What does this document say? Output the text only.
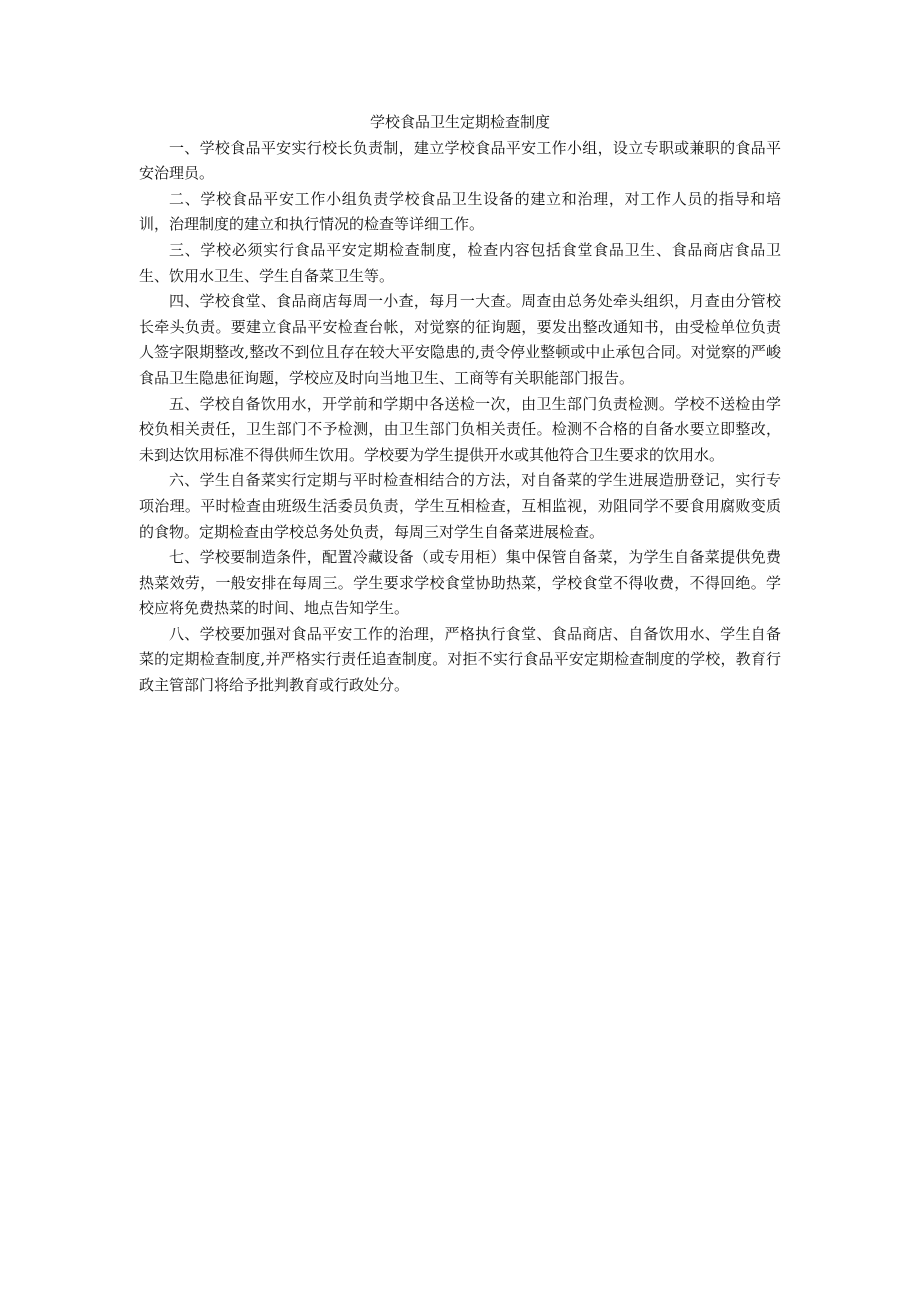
学校食品卫生定期检查制度

一、学校食品平安实行校长负责制，建立学校食品平安工作小组，设立专职或兼职的食品平安治理员。

二、学校食品平安工作小组负责学校食品卫生设备的建立和治理，对工作人员的指导和培训，治理制度的建立和执行情况的检查等详细工作。

三、学校必须实行食品平安定期检查制度，检查内容包括食堂食品卫生、食品商店食品卫生、饮用水卫生、学生自备菜卫生等。

四、学校食堂、食品商店每周一小查，每月一大查。周查由总务处牵头组织，月查由分管校长牵头负责。要建立食品平安检查台帐，对觉察的征询题，要发出整改通知书，由受检单位负责人签字限期整改,整改不到位且存在较大平安隐患的,责令停业整顿或中止承包合同。对觉察的严峻食品卫生隐患征询题，学校应及时向当地卫生、工商等有关职能部门报告。

五、学校自备饮用水，开学前和学期中各送检一次，由卫生部门负责检测。学校不送检由学校负相关责任，卫生部门不予检测，由卫生部门负相关责任。检测不合格的自备水要立即整改，未到达饮用标准不得供师生饮用。学校要为学生提供开水或其他符合卫生要求的饮用水。

六、学生自备菜实行定期与平时检查相结合的方法，对自备菜的学生进展造册登记，实行专项治理。平时检查由班级生活委员负责，学生互相检查，互相监视，劝阻同学不要食用腐败变质的食物。定期检查由学校总务处负责，每周三对学生自备菜进展检查。

七、学校要制造条件，配置冷藏设备（或专用柜）集中保管自备菜，为学生自备菜提供免费热菜效劳，一般安排在每周三。学生要求学校食堂协助热菜，学校食堂不得收费，不得回绝。学校应将免费热菜的时间、地点告知学生。

八、学校要加强对食品平安工作的治理，严格执行食堂、食品商店、自备饮用水、学生自备菜的定期检查制度,并严格实行责任追查制度。对拒不实行食品平安定期检查制度的学校，教育行政主管部门将给予批判教育或行政处分。
